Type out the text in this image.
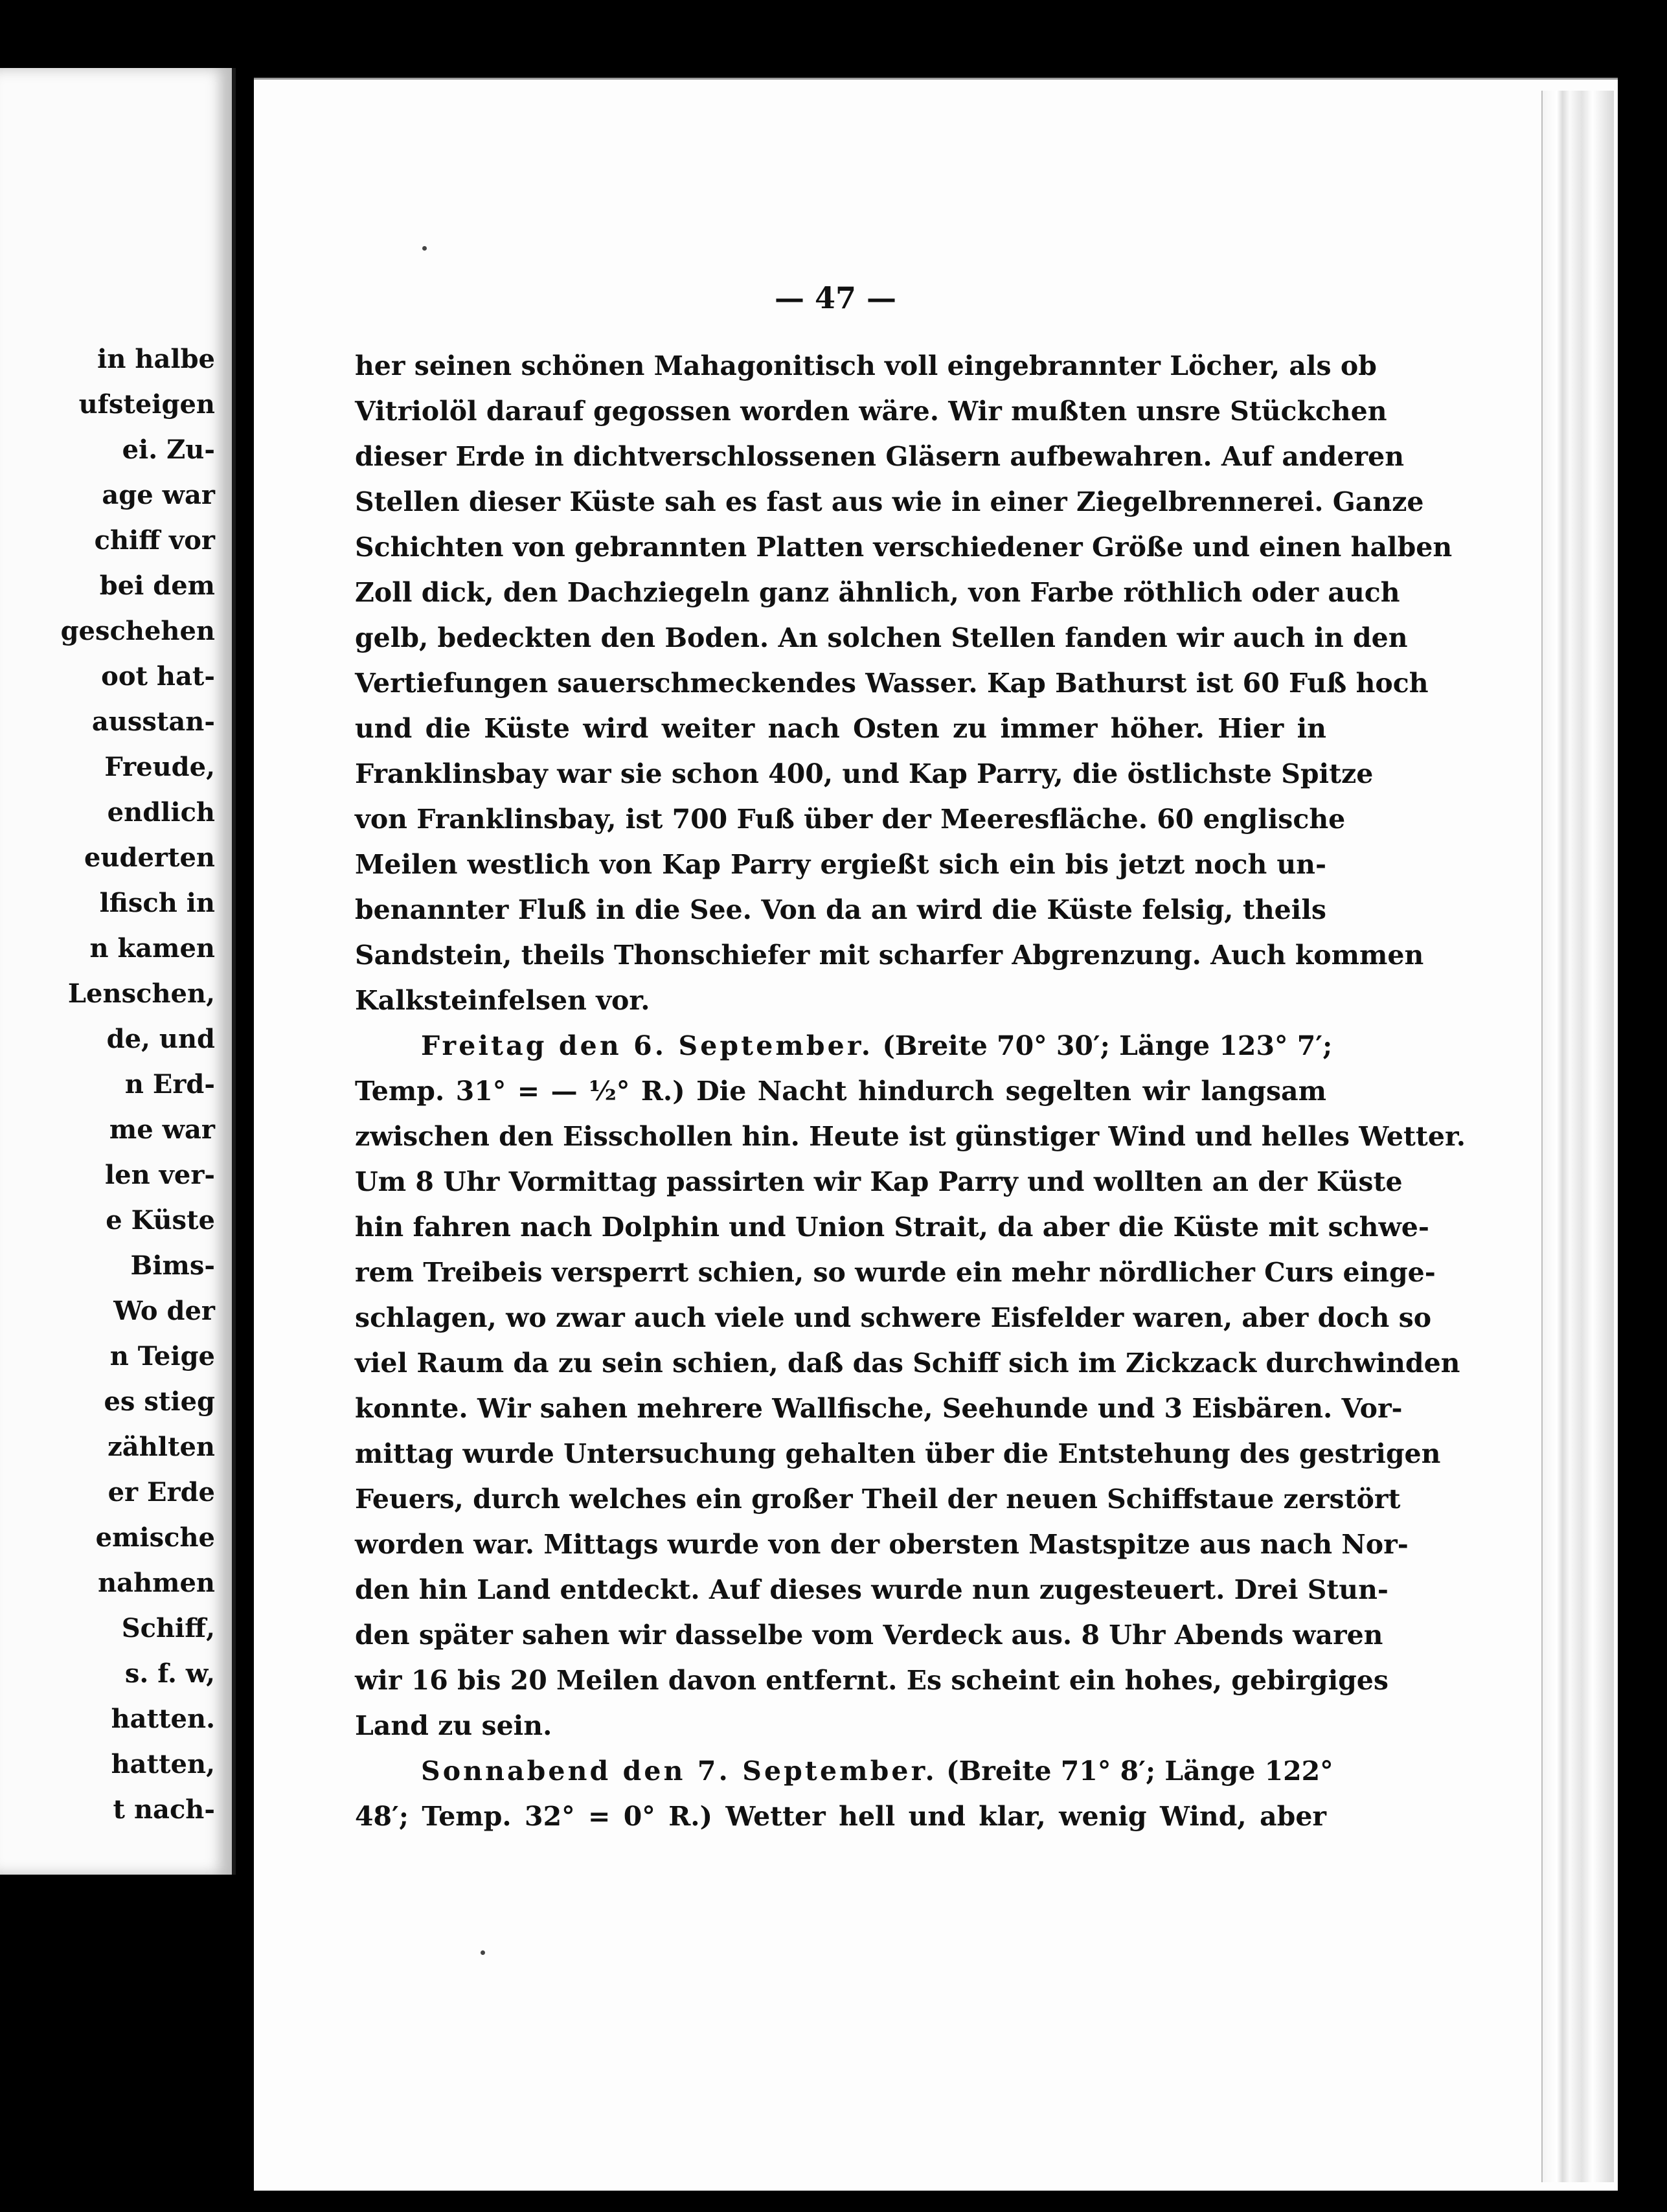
in halbe
ufsteigen
ei. Zu-
age war
chiff vor
bei dem
geschehen
oot hat-
ausstan-
Freude,
endlich
euderten
lfisch in
n kamen
Lenschen,
de, und
n Erd-
me war
len ver-
e Küste
Bims-
Wo der
n Teige
es stieg
zählten
er Erde
emische
nahmen
Schiff,
s. f. w,
hatten.
hatten,
t nach-
— 47 —
her seinen schönen Mahagonitisch voll eingebrannter Löcher, als ob
Vitriolöl darauf gegossen worden wäre. Wir mußten unsre Stückchen
dieser Erde in dichtverschlossenen Gläsern aufbewahren. Auf anderen
Stellen dieser Küste sah es fast aus wie in einer Ziegelbrennerei. Ganze
Schichten von gebrannten Platten verschiedener Größe und einen halben
Zoll dick, den Dachziegeln ganz ähnlich, von Farbe röthlich oder auch
gelb, bedeckten den Boden. An solchen Stellen fanden wir auch in den
Vertiefungen sauerschmeckendes Wasser. Kap Bathurst ist 60 Fuß hoch
und die Küste wird weiter nach Osten zu immer höher. Hier in
Franklinsbay war sie schon 400, und Kap Parry, die östlichste Spitze
von Franklinsbay, ist 700 Fuß über der Meeresfläche. 60 englische
Meilen westlich von Kap Parry ergießt sich ein bis jetzt noch un-
benannter Fluß in die See. Von da an wird die Küste felsig, theils
Sandstein, theils Thonschiefer mit scharfer Abgrenzung. Auch kommen
Kalksteinfelsen vor.
Freitag den 6. September. (Breite 70° 30′; Länge 123° 7′;
Temp. 31° = — ½° R.) Die Nacht hindurch segelten wir langsam
zwischen den Eisschollen hin. Heute ist günstiger Wind und helles Wetter.
Um 8 Uhr Vormittag passirten wir Kap Parry und wollten an der Küste
hin fahren nach Dolphin und Union Strait, da aber die Küste mit schwe-
rem Treibeis versperrt schien, so wurde ein mehr nördlicher Curs einge-
schlagen, wo zwar auch viele und schwere Eisfelder waren, aber doch so
viel Raum da zu sein schien, daß das Schiff sich im Zickzack durchwinden
konnte. Wir sahen mehrere Wallfische, Seehunde und 3 Eisbären. Vor-
mittag wurde Untersuchung gehalten über die Entstehung des gestrigen
Feuers, durch welches ein großer Theil der neuen Schiffstaue zerstört
worden war. Mittags wurde von der obersten Mastspitze aus nach Nor-
den hin Land entdeckt. Auf dieses wurde nun zugesteuert. Drei Stun-
den später sahen wir dasselbe vom Verdeck aus. 8 Uhr Abends waren
wir 16 bis 20 Meilen davon entfernt. Es scheint ein hohes, gebirgiges
Land zu sein.
Sonnabend den 7. September. (Breite 71° 8′; Länge 122°
48′; Temp. 32° = 0° R.) Wetter hell und klar, wenig Wind, aber
